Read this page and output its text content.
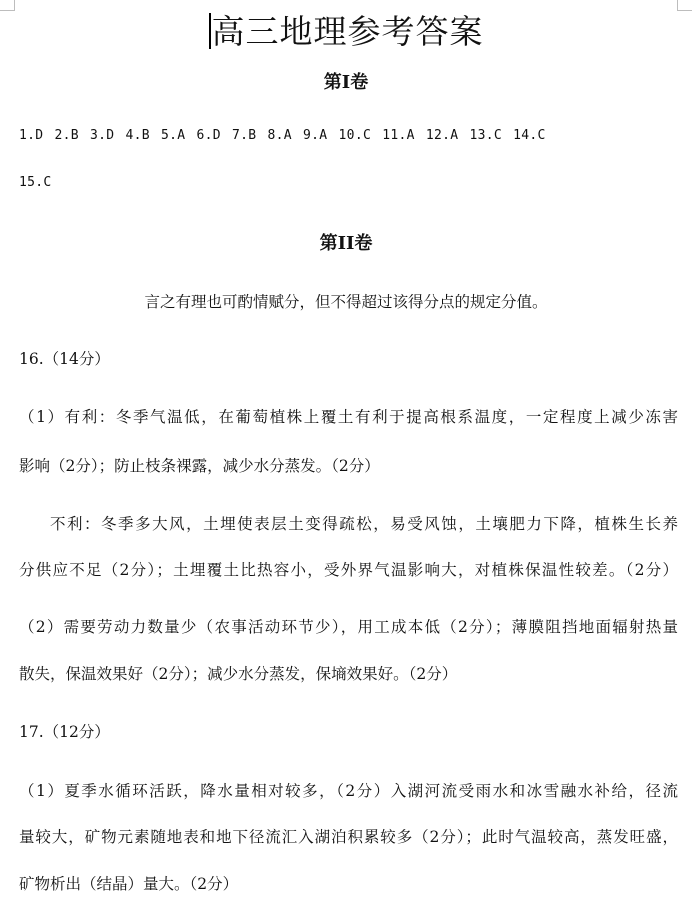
高三地理参考答案
第I卷
1.D 2.B 3.D 4.B 5.A 6.D 7.B 8.A 9.A 10.C 11.A 12.A 13.C 14.C
15.C
第II卷
言之有理也可酌情赋分，但不得超过该得分点的规定分值。
16.（14分）
（1）有利：冬季气温低，在葡萄植株上覆土有利于提高根系温度，一定程度上减少冻害
影响（2分）；防止枝条裸露，减少水分蒸发。（2分）
不利：冬季多大风，土埋使表层土变得疏松，易受风蚀，土壤肥力下降，植株生长养
分供应不足（2分）；土埋覆土比热容小，受外界气温影响大，对植株保温性较差。（2分）
（2）需要劳动力数量少（农事活动环节少），用工成本低（2分）；薄膜阻挡地面辐射热量
散失，保温效果好（2分）；减少水分蒸发，保墒效果好。（2分）
17.（12分）
（1）夏季水循环活跃，降水量相对较多，（2分）入湖河流受雨水和冰雪融水补给，径流
量较大，矿物元素随地表和地下径流汇入湖泊积累较多（2分）；此时气温较高，蒸发旺盛，
矿物析出（结晶）量大。（2分）
